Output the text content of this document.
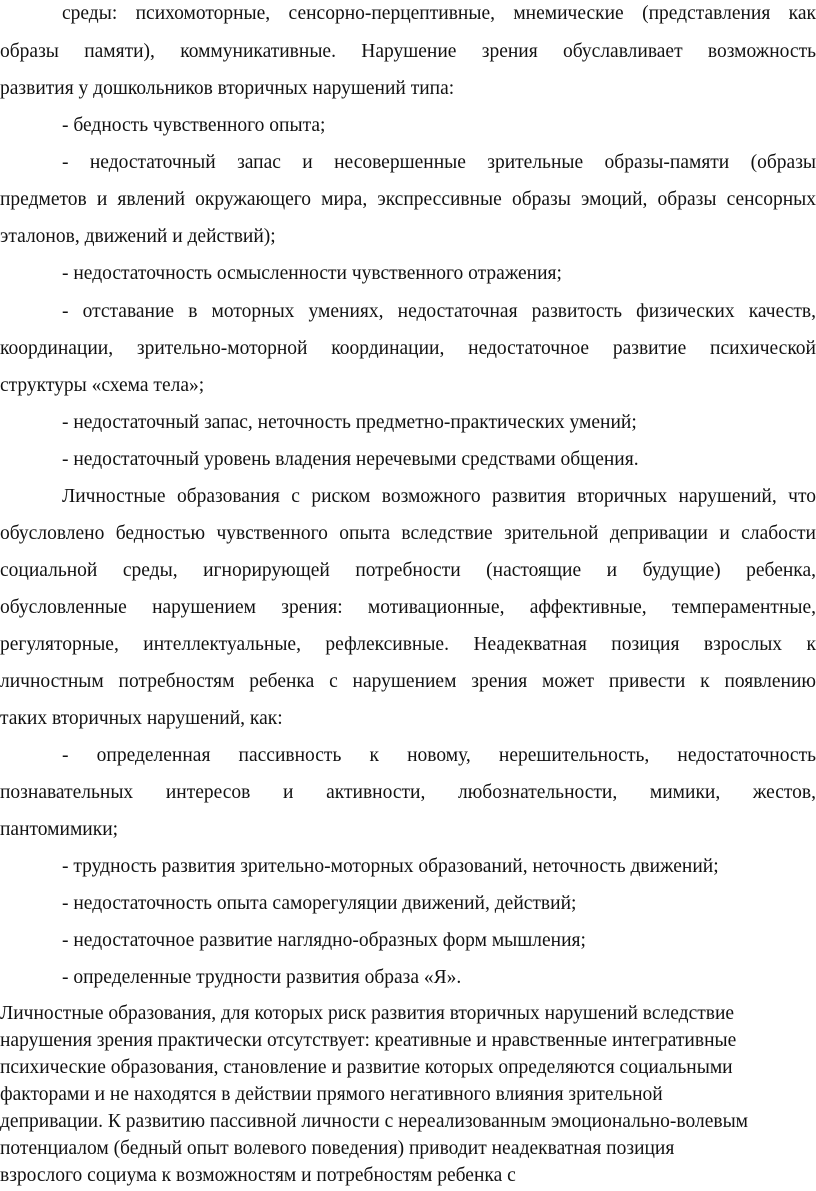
среды: психомоторные, сенсорно-перцептивные, мнемические (представления как
образы памяти), коммуникативные. Нарушение зрения обуславливает возможность
развития у дошкольников вторичных нарушений типа:
- бедность чувственного опыта;
- недостаточный запас и несовершенные зрительные образы-памяти (образы
предметов и явлений окружающего мира, экспрессивные образы эмоций, образы сенсорных
эталонов, движений и действий);
- недостаточность осмысленности чувственного отражения;
- отставание в моторных умениях, недостаточная развитость физических качеств,
координации, зрительно-моторной координации, недостаточное развитие психической
структуры «схема тела»;
- недостаточный запас, неточность предметно-практических умений;
- недостаточный уровень владения неречевыми средствами общения.
Личностные образования с риском возможного развития вторичных нарушений, что
обусловлено бедностью чувственного опыта вследствие зрительной депривации и слабости
социальной среды, игнорирующей потребности (настоящие и будущие) ребенка,
обусловленные нарушением зрения: мотивационные, аффективные, темпераментные,
регуляторные, интеллектуальные, рефлексивные. Неадекватная позиция взрослых к
личностным потребностям ребенка с нарушением зрения может привести к появлению
таких вторичных нарушений, как:
- определенная пассивность к новому, нерешительность, недостаточность
познавательных интересов и активности, любознательности, мимики, жестов,
пантомимики;
- трудность развития зрительно-моторных образований, неточность движений;
- недостаточность опыта саморегуляции движений, действий;
- недостаточное развитие наглядно-образных форм мышления;
- определенные трудности развития образа «Я».
Личностные образования, для которых риск развития вторичных нарушений вследствие
нарушения зрения практически отсутствует: креативные и нравственные интегративные
психические образования, становление и развитие которых определяются социальными
факторами и не находятся в действии прямого негативного влияния зрительной
депривации. К развитию пассивной личности с нереализованным эмоционально-волевым
потенциалом (бедный опыт волевого поведения) приводит неадекватная позиция
взрослого социума к возможностям и потребностям ребенка с
